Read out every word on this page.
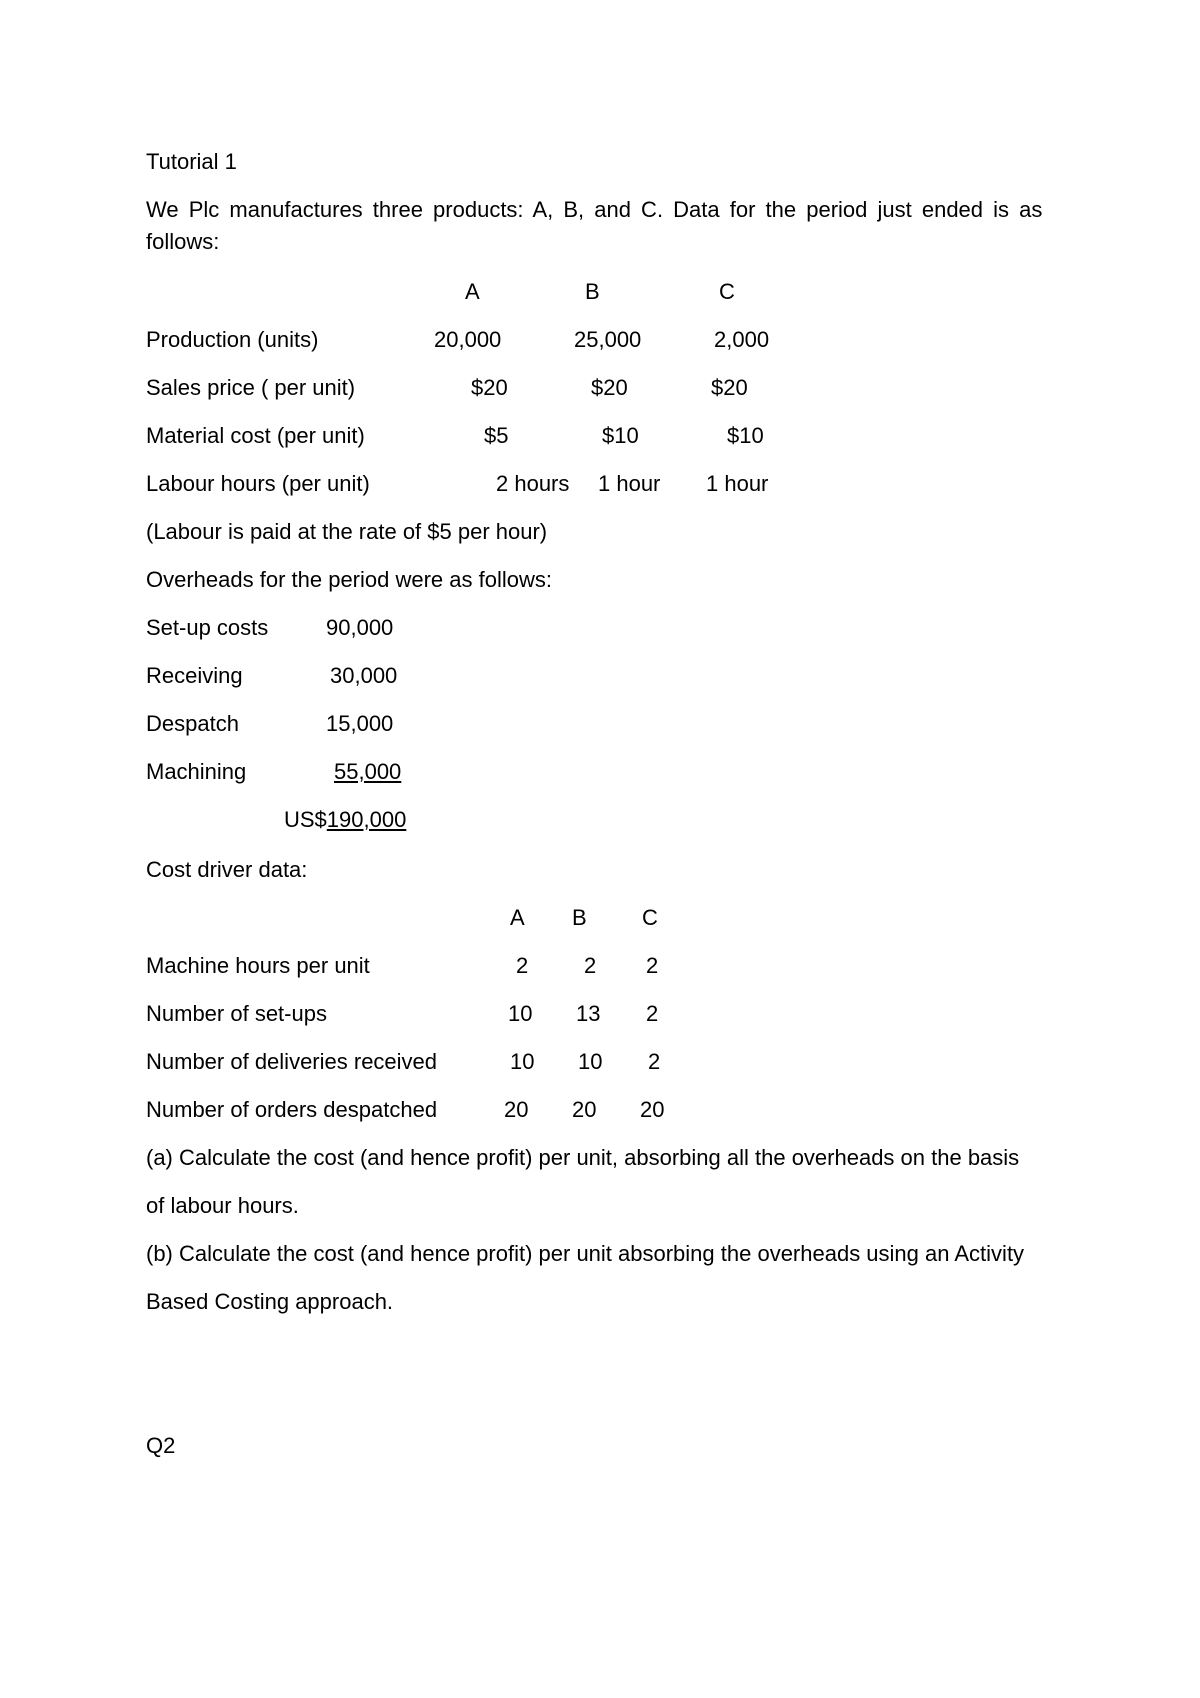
Tutorial 1
We Plc manufactures three products: A, B, and C. Data for the period just ended is as
follows:
A	B	C
Production (units)	20,000	25,000	2,000
Sales price ( per unit)	$20	$20	$20
Material cost (per unit)	$5	$10	$10
Labour hours (per unit)	2 hours 1 hour 1 hour
(Labour is paid at the rate of $5 per hour)
Overheads for the period were as follows:
Set-up costs	90,000
Receiving	30,000
Despatch	15,000
Machining	55,000
US$190,000
Cost driver data:
A B	C
Machine hours per unit	2	2 2
Number of set-ups	10 13 2
Number of deliveries received	10 10 2
Number of orders despatched	20 20 20
(a) Calculate the cost (and hence profit) per unit, absorbing all the overheads on the basis
of labour hours.
(b) Calculate the cost (and hence profit) per unit absorbing the overheads using an Activity
Based Costing approach.
Q2
